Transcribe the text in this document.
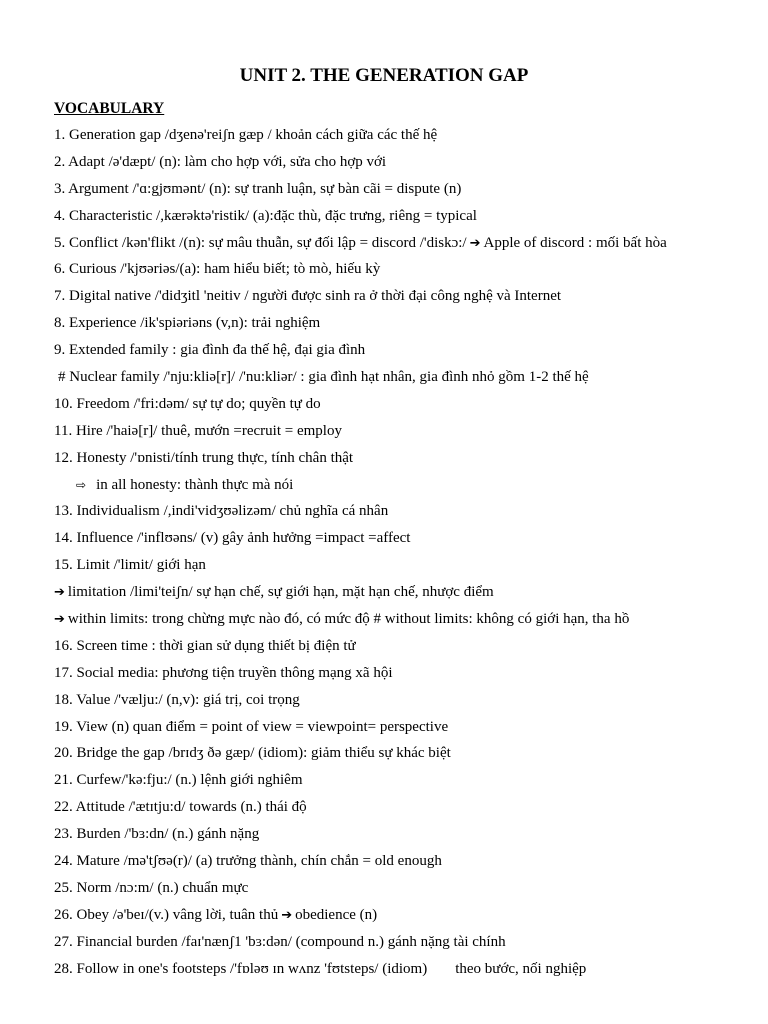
UNIT 2. THE GENERATION GAP
VOCABULARY
1. Generation gap /dʒenə'reiʃn gæp / khoản cách giữa các thế hệ
2. Adapt /ə'dæpt/ (n): làm cho hợp với, sửa cho hợp với
3. Argument /'ɑ:gjʊmənt/ (n): sự tranh luận, sự bàn cãi = dispute (n)
4. Characteristic /,kærəktə'ristik/ (a):đặc thù, đặc trưng, riêng = typical
5. Conflict /kən'flikt /(n): sự mâu thuẫn, sự đối lập = discord /'diskɔ:/ ➔ Apple of discord : mối bất hòa
6. Curious /'kjʊəriəs/(a): ham hiểu biết; tò mò, hiếu kỳ
7. Digital native /'didʒitl 'neitiv / người được sinh ra ở thời đại công nghệ và Internet
8. Experience /ik'spiəriəns (v,n): trải nghiệm
9. Extended family : gia đình đa thế hệ, đại gia đình
# Nuclear family /'nju:kliə[r]/ /'nu:kliər/ : gia đình hạt nhân, gia đình nhỏ gồm 1-2 thế hệ
10. Freedom /'fri:dəm/ sự tự do; quyền tự do
11. Hire /'haiə[r]/ thuê, mướn =recruit = employ
12. Honesty /'ɒnisti/tính trung thực, tính chân thật
⇨ in all honesty: thành thực mà nói
13. Individualism /,indi'vidʒʊəlizəm/ chủ nghĩa cá nhân
14. Influence /'inflʊəns/ (v) gây ảnh hưởng =impact =affect
15. Limit /'limit/ giới hạn
➔ limitation /limi'teiʃn/ sự hạn chế, sự giới hạn, mặt hạn chế, nhược điểm
➔ within limits: trong chừng mực nào đó, có mức độ # without limits: không có giới hạn, tha hồ
16. Screen time : thời gian sử dụng thiết bị điện tử
17. Social media: phương tiện truyền thông mạng xã hội
18. Value /'vælju:/ (n,v): giá trị, coi trọng
19. View (n) quan điểm = point of view = viewpoint= perspective
20. Bridge the gap /brɪdʒ ðə gæp/ (idiom): giảm thiểu sự khác biệt
21. Curfew/'kə:fju:/ (n.) lệnh giới nghiêm
22. Attitude /'ætɪtju:d/ towards (n.) thái độ
23. Burden /'bɜ:dn/ (n.) gánh nặng
24. Mature /mə'tʃʊə(r)/ (a) trưởng thành, chín chắn = old enough
25. Norm /nɔ:m/ (n.) chuẩn mực
26. Obey /ə'beɪ/(v.) vâng lời, tuân thủ ➔ obedience (n)
27. Financial burden /faɪ'nænʃ1 'bɜ:dən/ (compound n.) gánh nặng tài chính
28. Follow in one's footsteps /'fɒləʊ ɪn wʌnz 'fʊtsteps/ (idiom) theo bước, nối nghiệp
